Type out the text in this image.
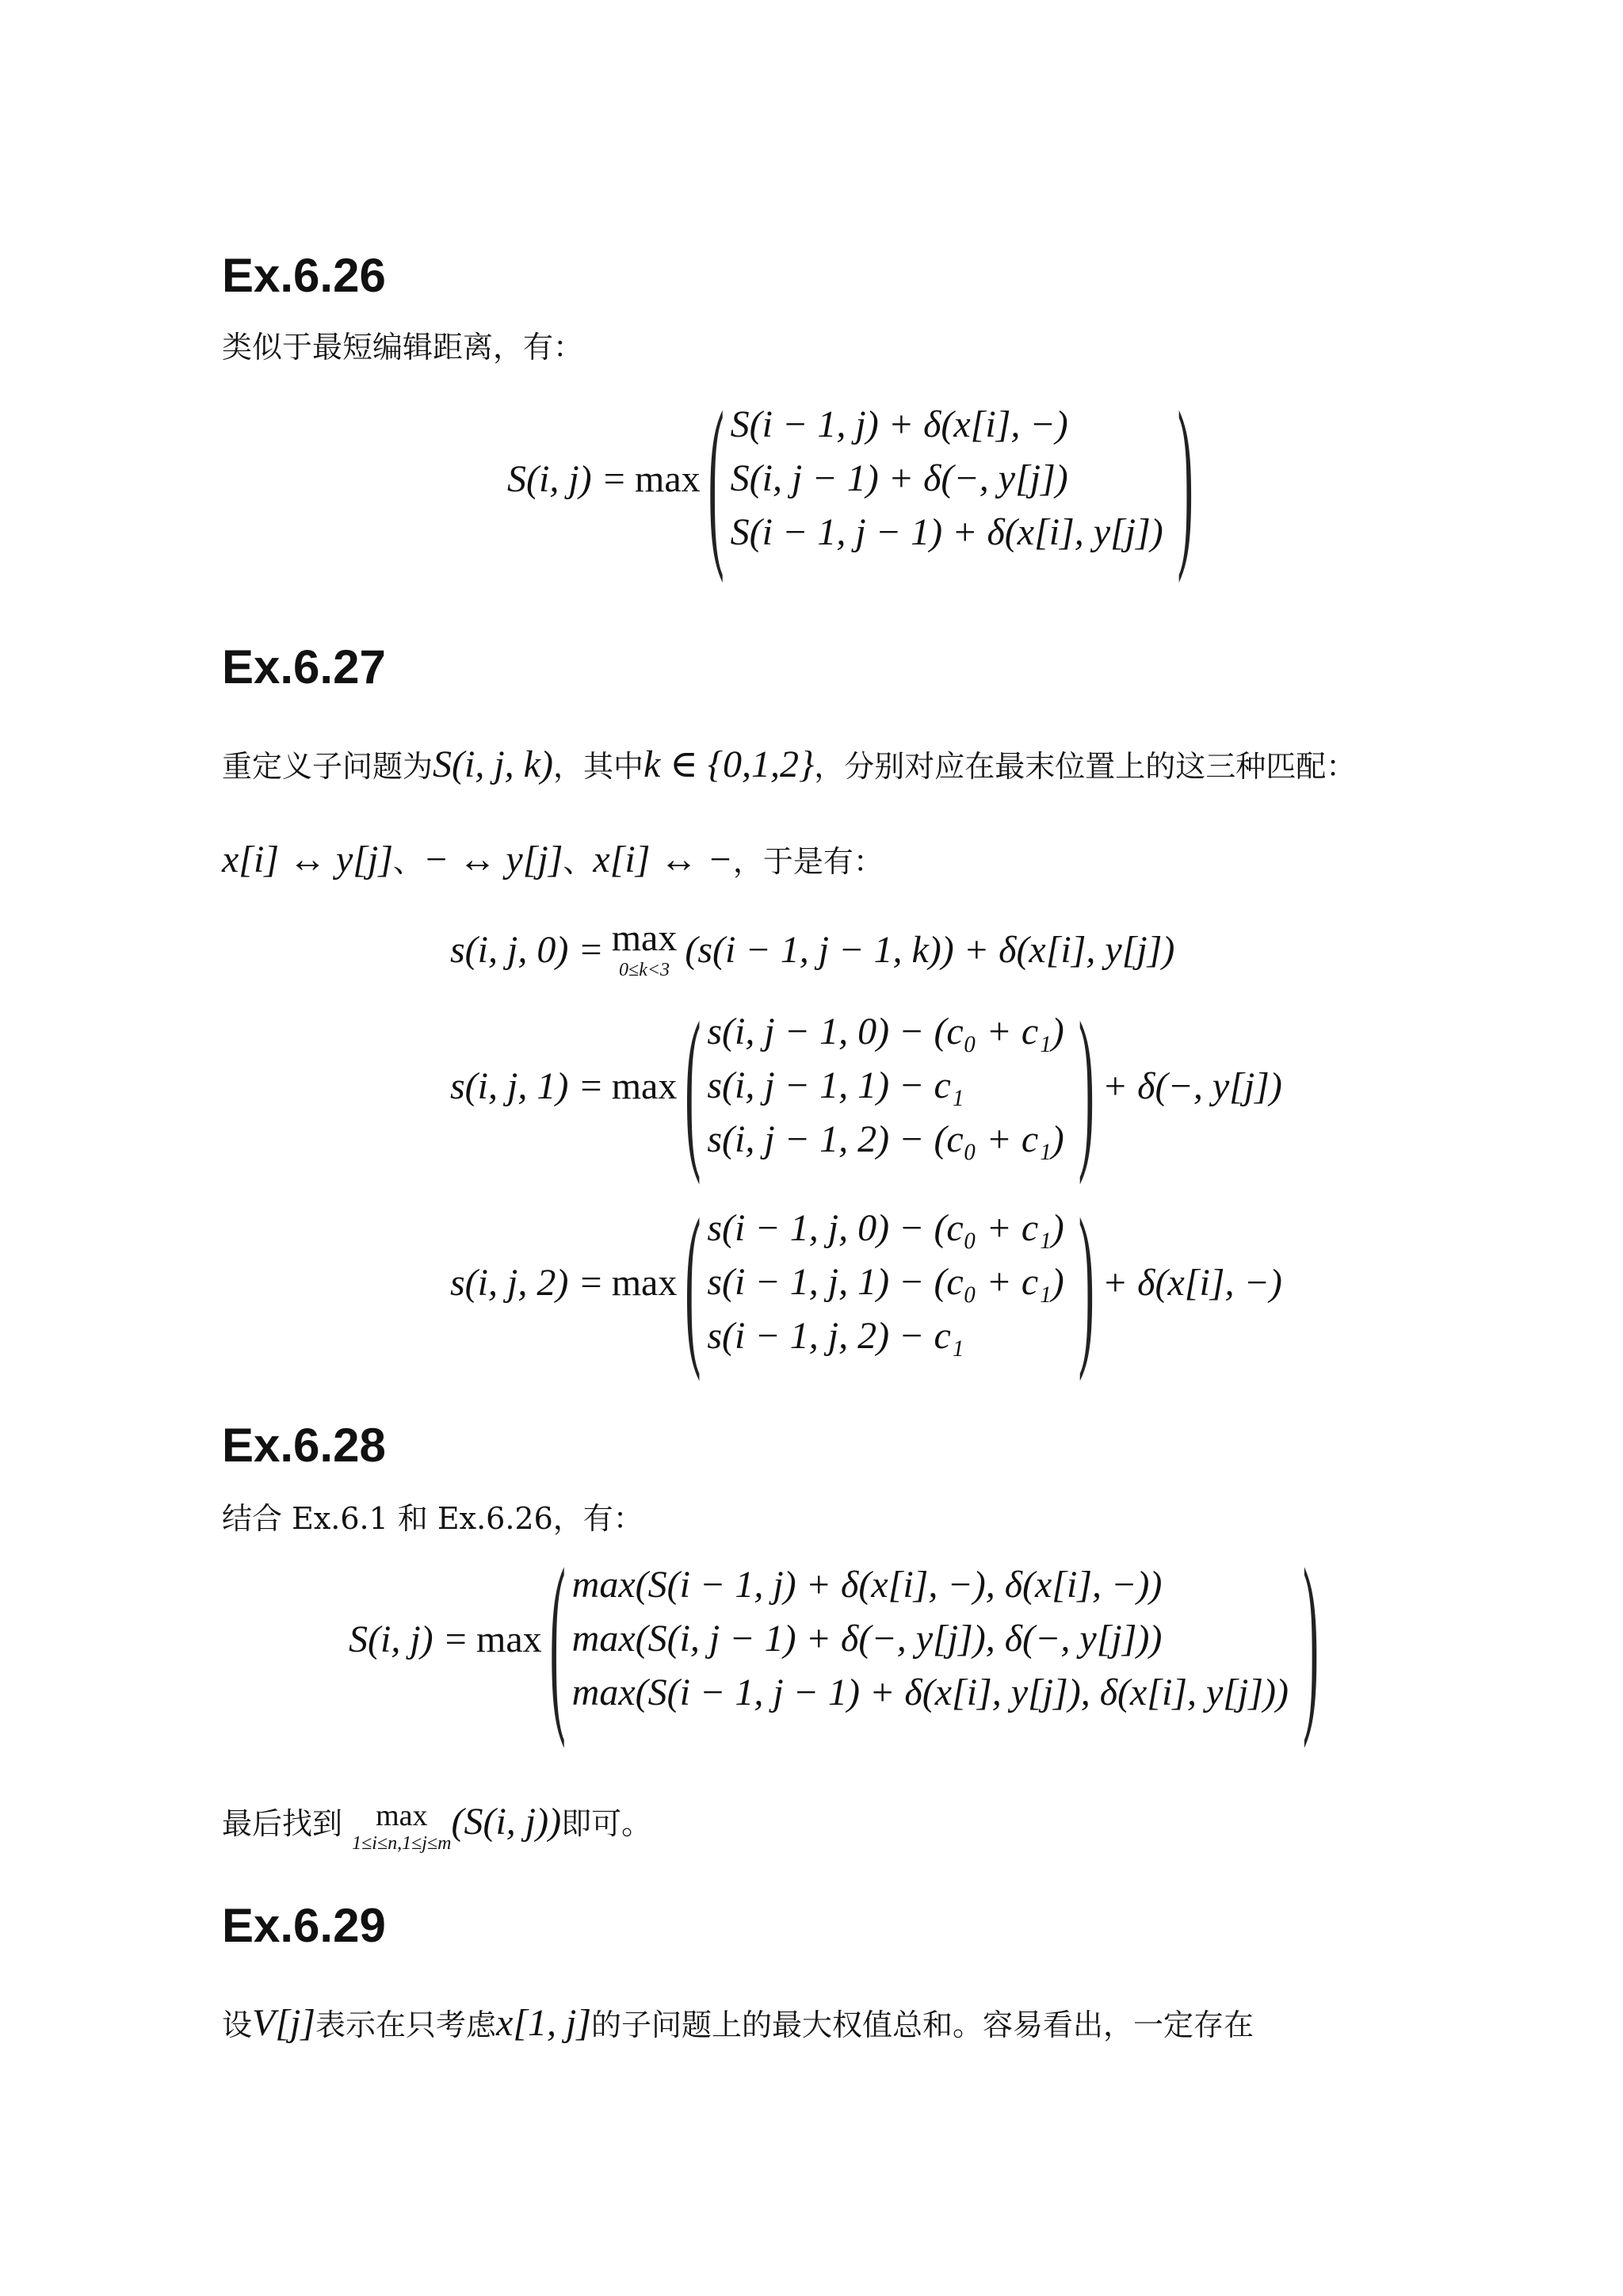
Ex.6.26

类似于最短编辑距离，有：

S(i, j) = max ( S(i − 1, j) + δ(x[i], −)
S(i, j − 1) + δ(−, y[j])
S(i − 1, j − 1) + δ(x[i], y[j]) )
Ex.6.27

重定义子问题为S(i, j, k)，其中k ∈ {0,1,2}，分别对应在最末位置上的这三种匹配：

x[i] ↔ y[j]、− ↔ y[j]、x[i] ↔ −，于是有：

s(i, j, 0) = max
0≤k<3 (s(i − 1, j − 1, k)) + δ(x[i], y[j])
s(i, j, 1) = max ( s(i, j − 1, 0) − (c₀ + c₁)
s(i, j − 1, 1) − c₁
s(i, j − 1, 2) − (c₀ + c₁) ) + δ(−, y[j])
s(i, j, 2) = max ( s(i − 1, j, 0) − (c₀ + c₁)
s(i − 1, j, 1) − (c₀ + c₁)
s(i − 1, j, 2) − c₁	) + δ(x[i], −)
Ex.6.28

结合 Ex.6.1 和 Ex.6.26，有：

S(i, j) = max ( max(S(i − 1, j) + δ(x[i], −), δ(x[i], −))
max(S(i, j − 1) + δ(−, y[j]), δ(−, y[j]))
max(S(i − 1, j − 1) + δ(x[i], y[j]), δ(x[i], y[j])) )

最后找到 max
1≤i≤n,1≤j≤m
(S(i, j))即可。

Ex.6.29

设V[j]表示在只考虑x[1, j]的子问题上的最大权值总和。容易看出，一定存在
